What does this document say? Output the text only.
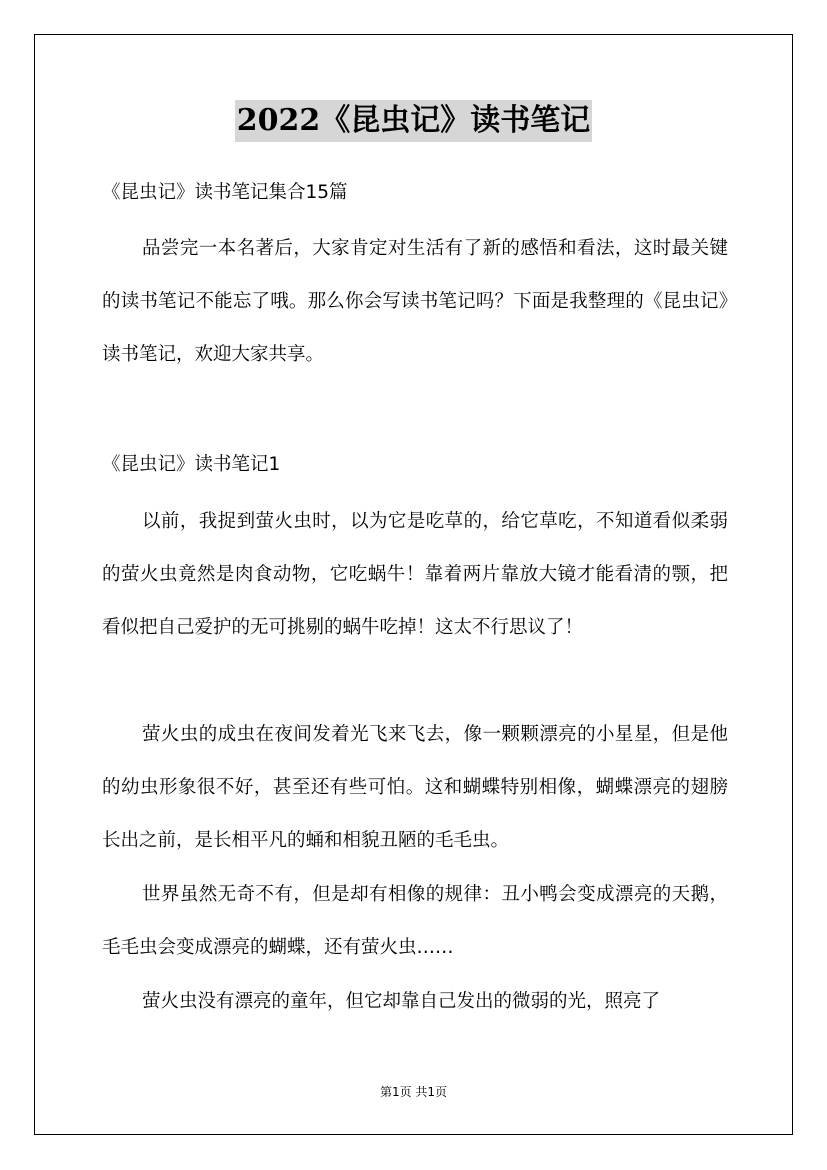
2022《昆虫记》读书笔记

《昆虫记》读书笔记集合15篇

品尝完一本名著后，大家肯定对生活有了新的感悟和看法，这时最关键的读书笔记不能忘了哦。那么你会写读书笔记吗？下面是我整理的《昆虫记》读书笔记，欢迎大家共享。

《昆虫记》读书笔记1

以前，我捉到萤火虫时，以为它是吃草的，给它草吃，不知道看似柔弱的萤火虫竟然是肉食动物，它吃蜗牛！靠着两片靠放大镜才能看清的颚，把看似把自己爱护的无可挑剔的蜗牛吃掉！这太不行思议了！

萤火虫的成虫在夜间发着光飞来飞去，像一颗颗漂亮的小星星，但是他的幼虫形象很不好，甚至还有些可怕。这和蝴蝶特别相像，蝴蝶漂亮的翅膀长出之前，是长相平凡的蛹和相貌丑陋的毛毛虫。

世界虽然无奇不有，但是却有相像的规律：丑小鸭会变成漂亮的天鹅，毛毛虫会变成漂亮的蝴蝶，还有萤火虫……

萤火虫没有漂亮的童年，但它却靠自己发出的微弱的光，照亮了

第1页 共1页
